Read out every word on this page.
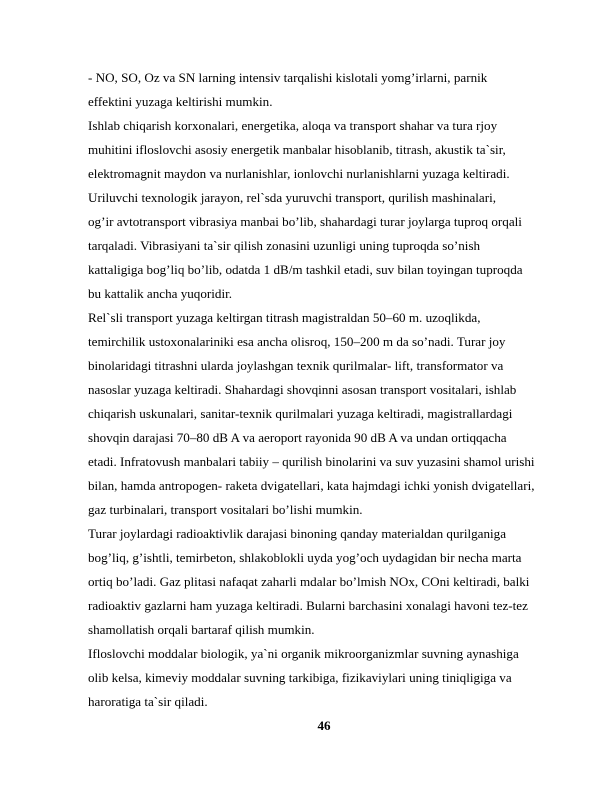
- NO, SO, Oz va SN larning intensiv tarqalishi kislotali yomg’irlarni, parnik
effektini yuzaga keltirishi mumkin.
Ishlab chiqarish korxonalari, energetika, aloqa va transport shahar va tura rjoy
muhitini ifloslovchi asosiy energetik manbalar hisoblanib, titrash, akustik ta`sir,
elektromagnit maydon va nurlanishlar, ionlovchi nurlanishlarni yuzaga keltiradi.
Uriluvchi texnologik jarayon, rel`sda yuruvchi transport, qurilish mashinalari,
og’ir avtotransport vibrasiya manbai bo’lib, shahardagi turar joylarga tuproq orqali
tarqaladi. Vibrasiyani ta`sir qilish zonasini uzunligi uning tuproqda so’nish
kattaligiga bog’liq bo’lib, odatda 1 dB/m tashkil etadi, suv bilan toyingan tuproqda
bu kattalik ancha yuqoridir.
Rel`sli transport yuzaga keltirgan titrash magistraldan 50–60 m. uzoqlikda,
temirchilik ustoxonalariniki esa ancha olisroq, 150–200 m da so’nadi. Turar joy
binolaridagi titrashni ularda joylashgan texnik qurilmalar- lift, transformator va
nasoslar yuzaga keltiradi. Shahardagi shovqinni asosan transport vositalari, ishlab
chiqarish uskunalari, sanitar-texnik qurilmalari yuzaga keltiradi, magistrallardagi
shovqin darajasi 70–80 dB A va aeroport rayonida 90 dB A va undan ortiqqacha
etadi. Infratovush manbalari tabiiy – qurilish binolarini va suv yuzasini shamol urishi
bilan, hamda antropogen- raketa dvigatellari, kata hajmdagi ichki yonish dvigatellari,
gaz turbinalari, transport vositalari bo’lishi mumkin.
Turar joylardagi radioaktivlik darajasi binoning qanday materialdan qurilganiga
bog’liq, g’ishtli, temirbeton, shlakoblokli uyda yog’och uydagidan bir necha marta
ortiq bo’ladi. Gaz plitasi nafaqat zaharli mdalar bo’lmish NOx, COni keltiradi, balki
radioaktiv gazlarni ham yuzaga keltiradi. Bularni barchasini xonalagi havoni tez-tez
shamollatish orqali bartaraf qilish mumkin.
Ifloslovchi moddalar biologik, ya`ni organik mikroorganizmlar suvning aynashiga
olib kelsa, kimeviy moddalar suvning tarkibiga, fizikaviylari uning tiniqligiga va
haroratiga ta`sir qiladi.
46
